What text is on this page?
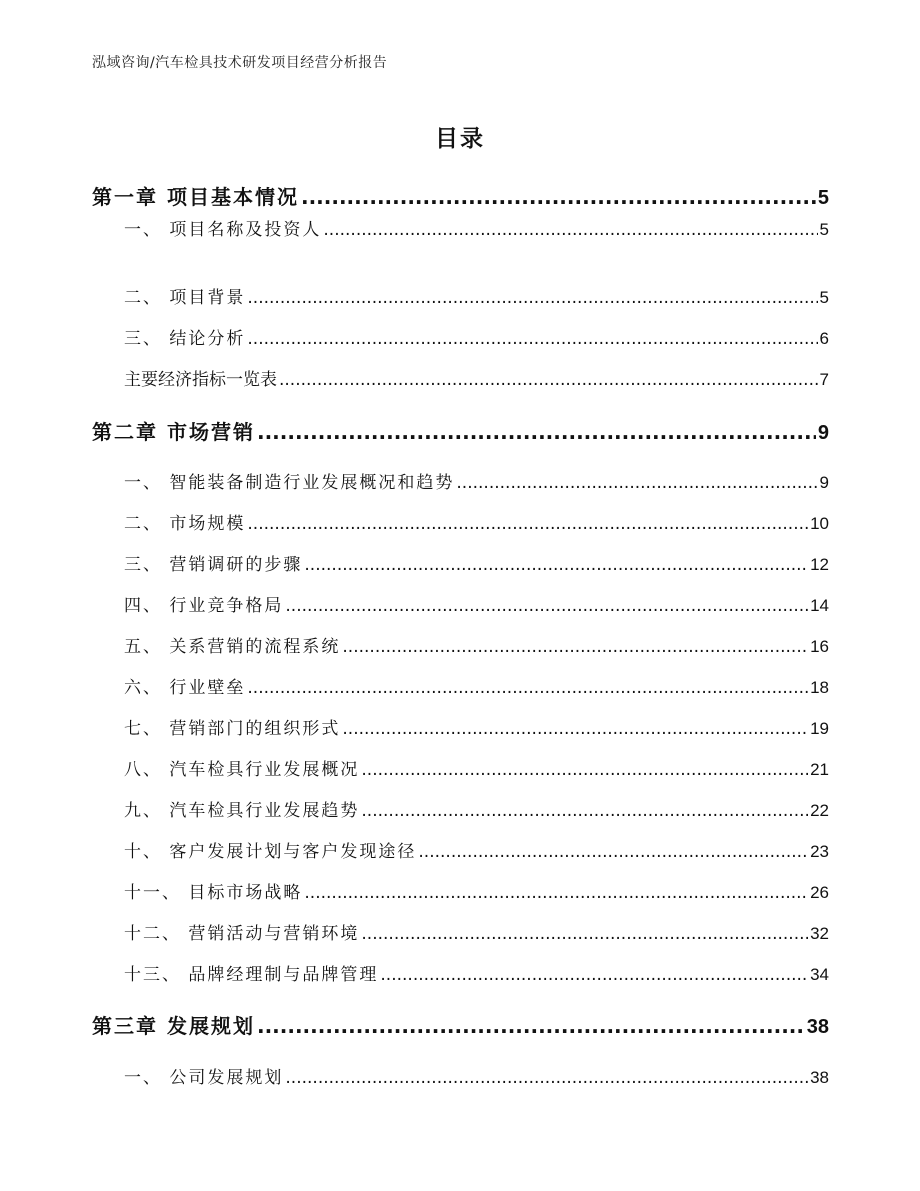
泓域咨询/汽车检具技术研发项目经营分析报告
目录
第一章 项目基本情况 .....	5
一、 项目名称及投资人 .....	5
二、 项目背景 .....	5
三、 结论分析 .....	6
主要经济指标一览表 .....	7
第二章 市场营销 .....	9
一、 智能装备制造行业发展概况和趋势 .....	9
二、 市场规模 .....	10
三、 营销调研的步骤 .....	12
四、 行业竞争格局 .....	14
五、 关系营销的流程系统 .....	16
六、 行业壁垒 .....	18
七、 营销部门的组织形式 .....	19
八、 汽车检具行业发展概况 .....	21
九、 汽车检具行业发展趋势 .....	22
十、 客户发展计划与客户发现途径 .....	23
十一、 目标市场战略 .....	26
十二、 营销活动与营销环境 .....	32
十三、 品牌经理制与品牌管理 .....	34
第三章 发展规划 .....	38
一、 公司发展规划 .....	38
